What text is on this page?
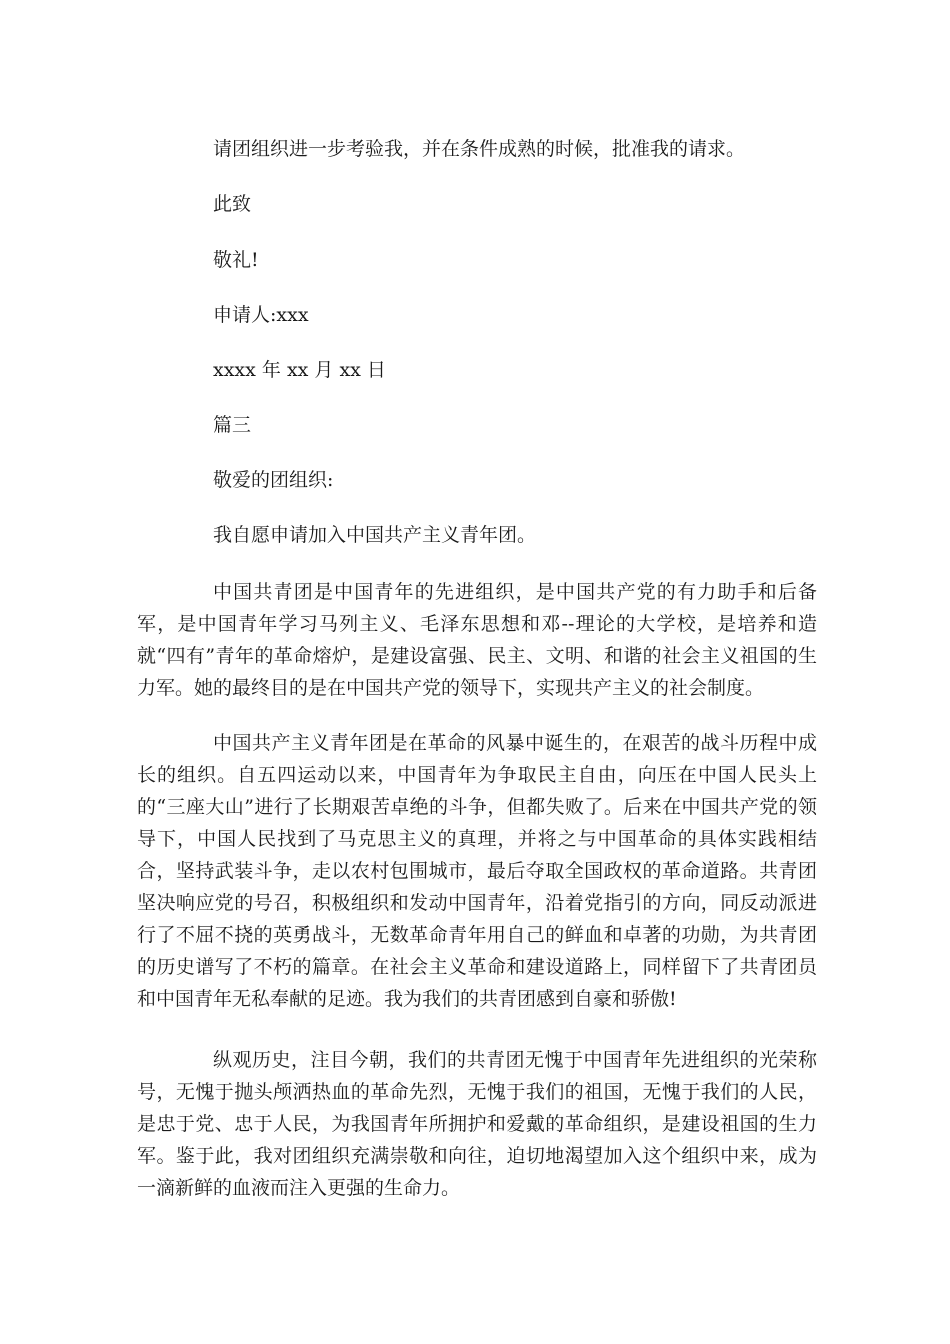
请团组织进一步考验我，并在条件成熟的时候，批准我的请求。

此致

敬礼!

申请人:xxx

xxxx 年 xx 月 xx 日

篇三

敬爱的团组织:

我自愿申请加入中国共产主义青年团。

中国共青团是中国青年的先进组织，是中国共产党的有力助手和后备军，是中国青年学习马列主义、毛泽东思想和邓--理论的大学校，是培养和造就“四有”青年的革命熔炉，是建设富强、民主、文明、和谐的社会主义祖国的生力军。她的最终目的是在中国共产党的领导下，实现共产主义的社会制度。

中国共产主义青年团是在革命的风暴中诞生的，在艰苦的战斗历程中成长的组织。自五四运动以来，中国青年为争取民主自由，向压在中国人民头上的“三座大山”进行了长期艰苦卓绝的斗争，但都失败了。后来在中国共产党的领导下，中国人民找到了马克思主义的真理，并将之与中国革命的具体实践相结合，坚持武装斗争，走以农村包围城市，最后夺取全国政权的革命道路。共青团坚决响应党的号召，积极组织和发动中国青年，沿着党指引的方向，同反动派进行了不屈不挠的英勇战斗，无数革命青年用自己的鲜血和卓著的功勋，为共青团的历史谱写了不朽的篇章。在社会主义革命和建设道路上，同样留下了共青团员和中国青年无私奉献的足迹。我为我们的共青团感到自豪和骄傲!

纵观历史，注目今朝，我们的共青团无愧于中国青年先进组织的光荣称号，无愧于抛头颅洒热血的革命先烈，无愧于我们的祖国，无愧于我们的人民，是忠于党、忠于人民，为我国青年所拥护和爱戴的革命组织，是建设祖国的生力军。鉴于此，我对团组织充满崇敬和向往，迫切地渴望加入这个组织中来，成为一滴新鲜的血液而注入更强的生命力。
